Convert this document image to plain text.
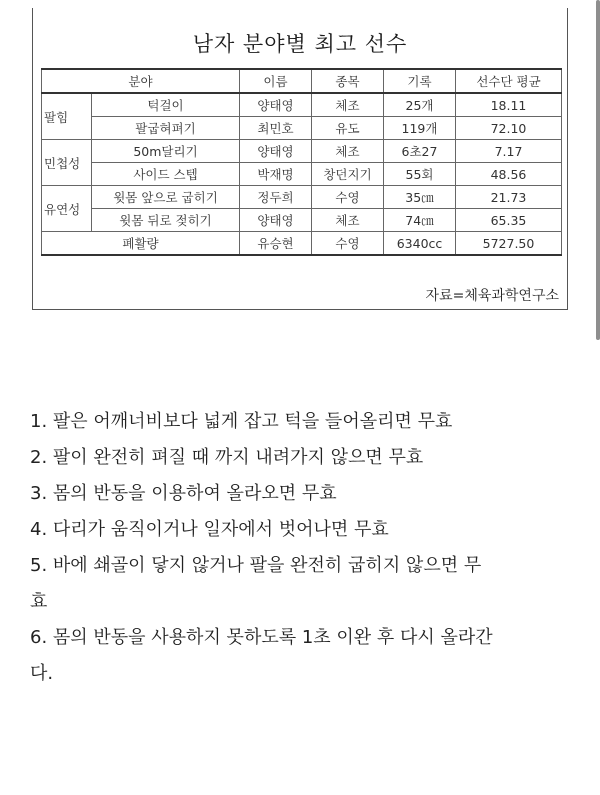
남자 분야별 최고 선수
분야		이름	종목	기록	선수단 평균
팔힘	턱걸이	양태영	체조	25개	18.11
	팔굽혀펴기	최민호	유도	119개	72.10
민첩성	50m달리기	양태영	체조	6초27	7.17
	사이드 스텝	박재명	창던지기	55회	48.56
유연성	윗몸 앞으로 굽히기	정두희	수영	35㎝	21.73
	윗몸 뒤로 젖히기	양태영	체조	74㎝	65.35
폐활량		유승현	수영	6340cc	5727.50
자료=체육과학연구소
1. 팔은 어깨너비보다 넓게 잡고 턱을 들어올리면 무효
2. 팔이 완전히 펴질 때 까지 내려가지 않으면 무효
3. 몸의 반동을 이용하여 올라오면 무효
4. 다리가 움직이거나 일자에서 벗어나면 무효
5. 바에 쇄골이 닿지 않거나 팔을 완전히 굽히지 않으면 무
효
6. 몸의 반동을 사용하지 못하도록 1초 이완 후 다시 올라간
다.
